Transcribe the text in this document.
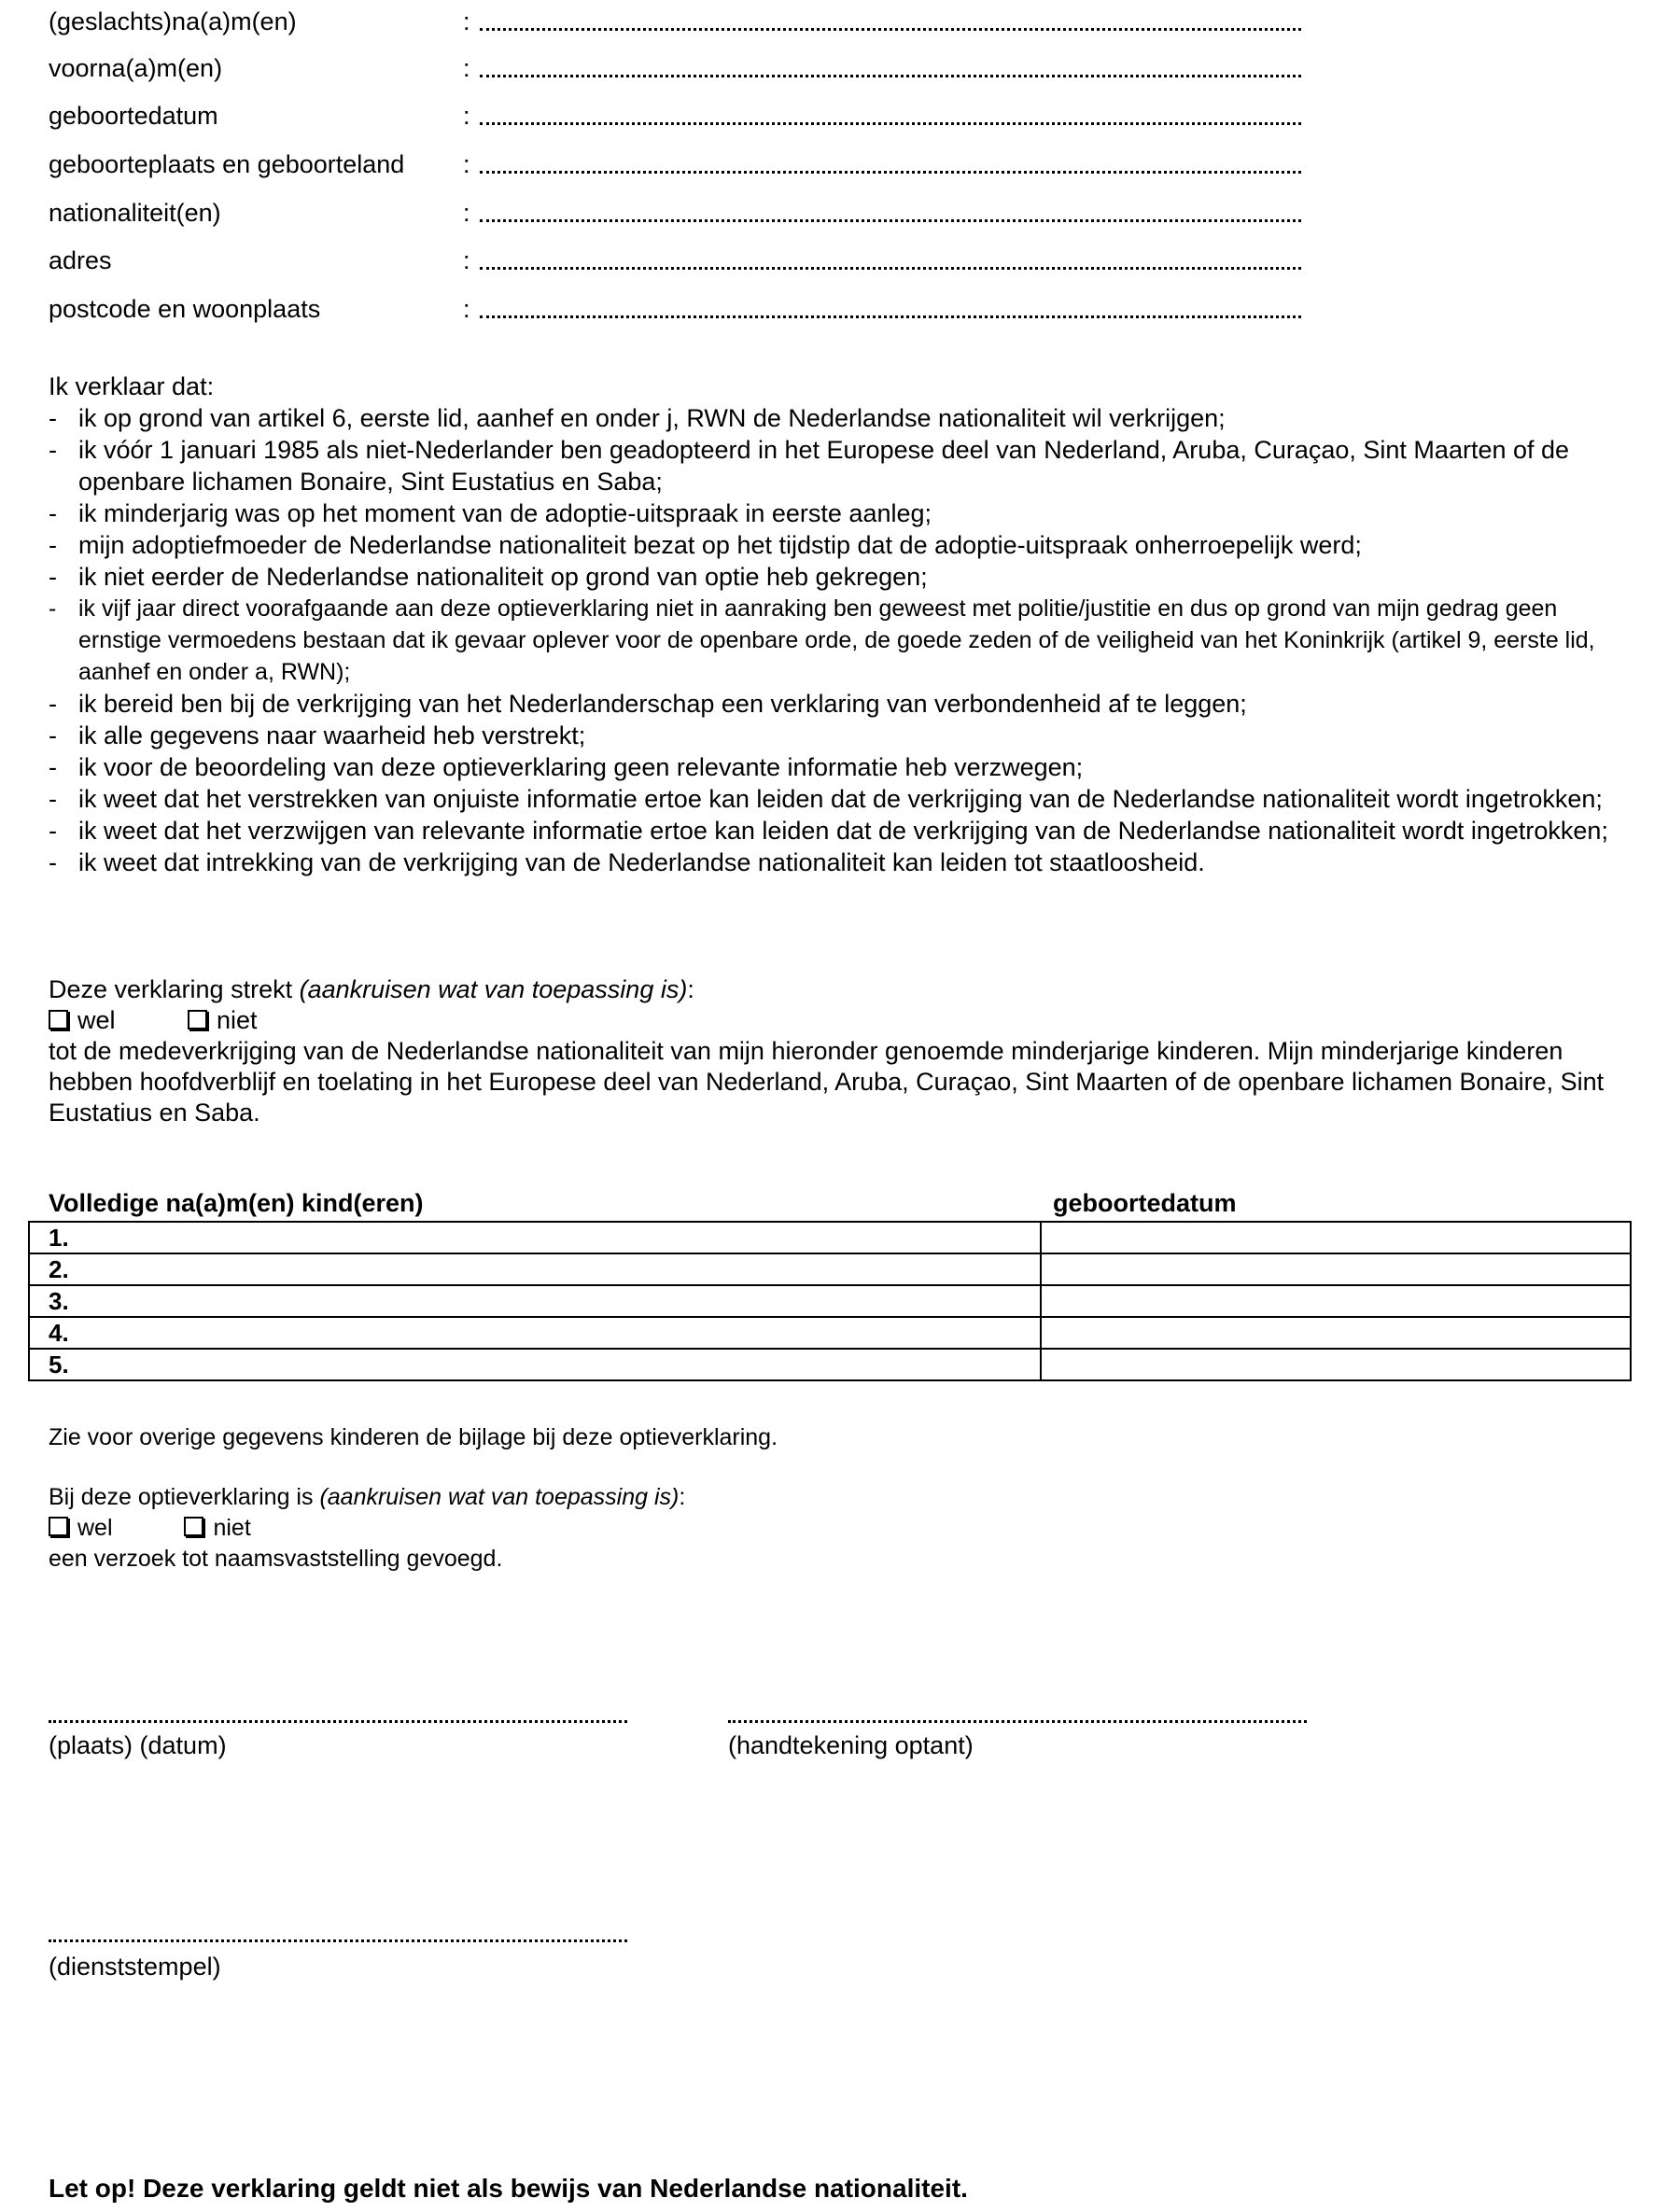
(geslachts)na(a)m(en)	:
voorna(a)m(en)	:
geboortedatum	:
geboorteplaats en geboorteland :
nationaliteit(en)	:
adres	:
postcode en woonplaats	:
Ik verklaar dat:
- ik op grond van artikel 6, eerste lid, aanhef en onder j, RWN de Nederlandse nationaliteit wil verkrijgen;
- ik vóór 1 januari 1985 als niet-Nederlander ben geadopteerd in het Europese deel van Nederland, Aruba, Curaçao, Sint Maarten of de openbare lichamen Bonaire, Sint Eustatius en Saba;
- ik minderjarig was op het moment van de adoptie-uitspraak in eerste aanleg;
- mijn adoptiefmoeder de Nederlandse nationaliteit bezat op het tijdstip dat de adoptie-uitspraak onherroepelijk werd;
- ik niet eerder de Nederlandse nationaliteit op grond van optie heb gekregen;
- ik vijf jaar direct voorafgaande aan deze optieverklaring niet in aanraking ben geweest met politie/justitie en dus op grond van mijn gedrag geen ernstige vermoedens bestaan dat ik gevaar oplever voor de openbare orde, de goede zeden of de veiligheid van het Koninkrijk (artikel 9, eerste lid, aanhef en onder a, RWN);
- ik bereid ben bij de verkrijging van het Nederlanderschap een verklaring van verbondenheid af te leggen;
- ik alle gegevens naar waarheid heb verstrekt;
- ik voor de beoordeling van deze optieverklaring geen relevante informatie heb verzwegen;
- ik weet dat het verstrekken van onjuiste informatie ertoe kan leiden dat de verkrijging van de Nederlandse nationaliteit wordt ingetrokken;
- ik weet dat het verzwijgen van relevante informatie ertoe kan leiden dat de verkrijging van de Nederlandse nationaliteit wordt ingetrokken;
- ik weet dat intrekking van de verkrijging van de Nederlandse nationaliteit kan leiden tot staatloosheid.
Deze verklaring strekt (aankruisen wat van toepassing is):
wel	niet
tot de medeverkrijging van de Nederlandse nationaliteit van mijn hieronder genoemde minderjarige kinderen. Mijn minderjarige kinderen hebben hoofdverblijf en toelating in het Europese deel van Nederland, Aruba, Curaçao, Sint Maarten of de openbare lichamen Bonaire, Sint Eustatius en Saba.
Volledige na(a)m(en) kind(eren)	geboortedatum
1.	
2.	
3.	
4.	
5.	
Zie voor overige gegevens kinderen de bijlage bij deze optieverklaring.
Bij deze optieverklaring is (aankruisen wat van toepassing is):
wel	niet
een verzoek tot naamsvaststelling gevoegd.
(plaats) (datum)	(handtekening optant)
(dienststempel)
Let op! Deze verklaring geldt niet als bewijs van Nederlandse nationaliteit.
